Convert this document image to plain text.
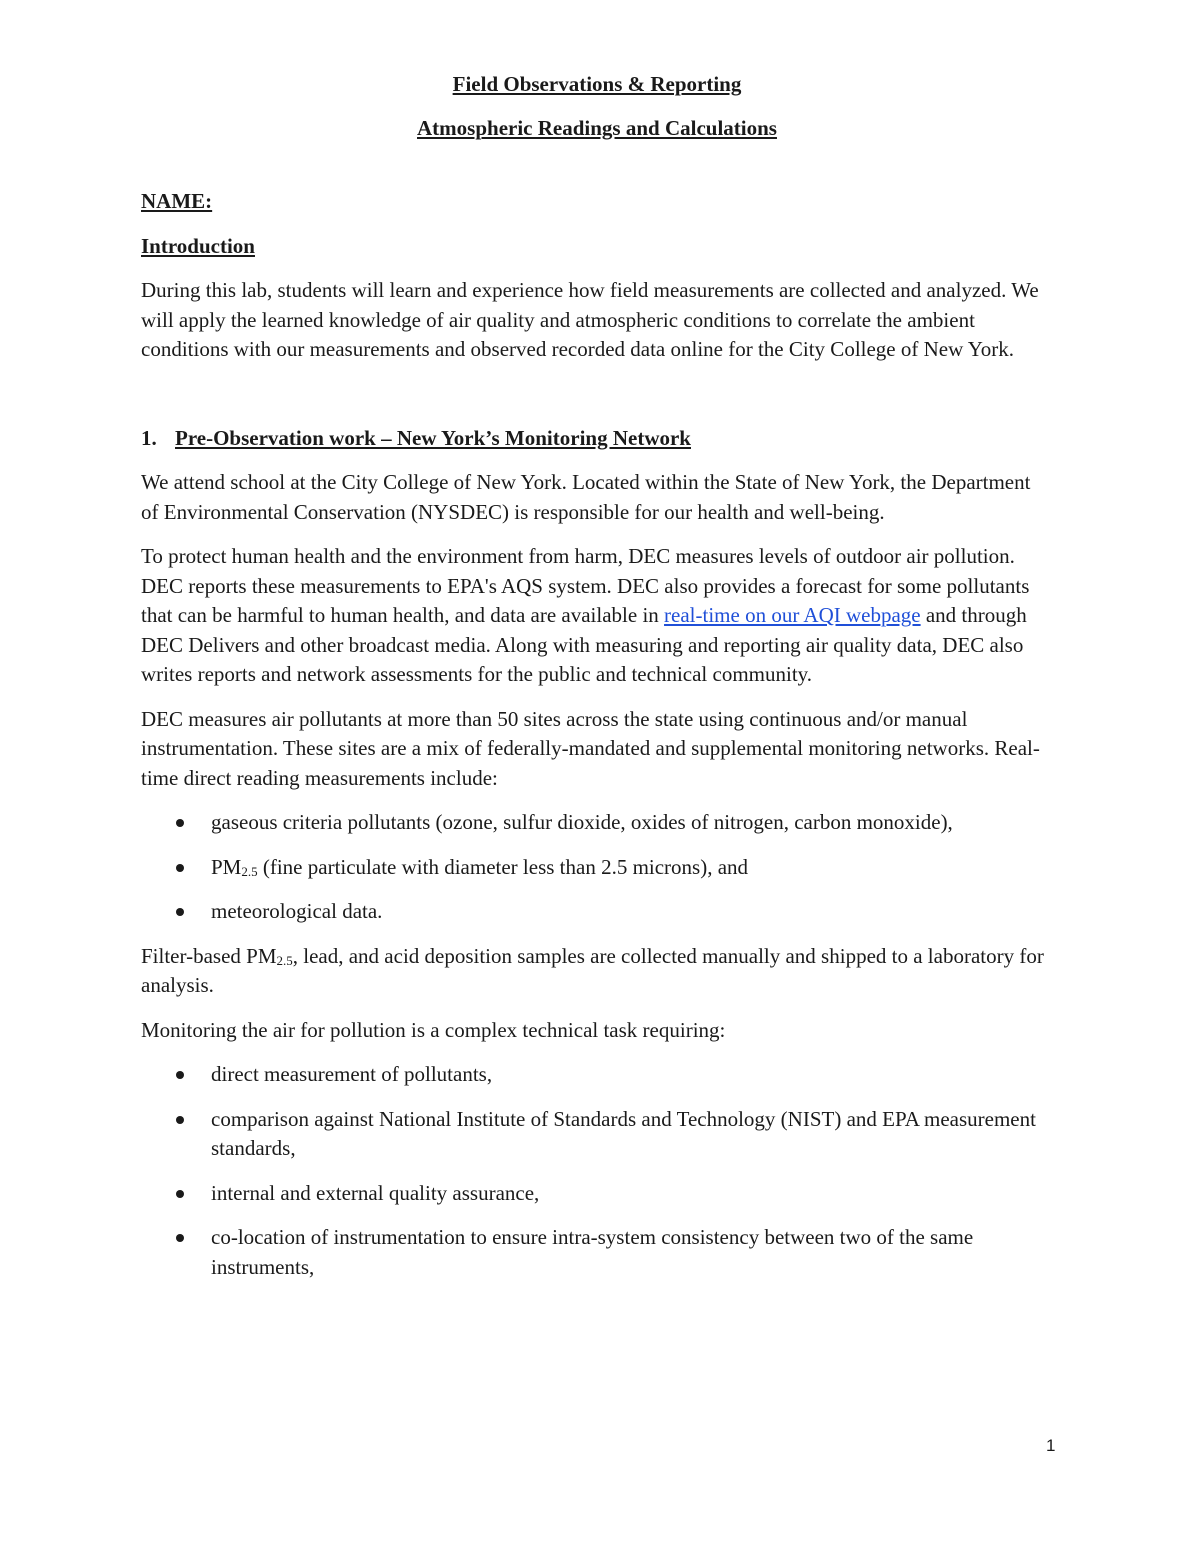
Field Observations & Reporting

Atmospheric Readings and Calculations

NAME:

Introduction

During this lab, students will learn and experience how field measurements are collected and analyzed. We will apply the learned knowledge of air quality and atmospheric conditions to correlate the ambient conditions with our measurements and observed recorded data online for the City College of New York.

1. Pre-Observation work – New York’s Monitoring Network

We attend school at the City College of New York. Located within the State of New York, the Department of Environmental Conservation (NYSDEC) is responsible for our health and well-being.

To protect human health and the environment from harm, DEC measures levels of outdoor air pollution. DEC reports these measurements to EPA's AQS system. DEC also provides a forecast for some pollutants that can be harmful to human health, and data are available in real-time on our AQI webpage and through DEC Delivers and other broadcast media. Along with measuring and reporting air quality data, DEC also writes reports and network assessments for the public and technical community.

DEC measures air pollutants at more than 50 sites across the state using continuous and/or manual instrumentation. These sites are a mix of federally-mandated and supplemental monitoring networks. Real-time direct reading measurements include:

gaseous criteria pollutants (ozone, sulfur dioxide, oxides of nitrogen, carbon monoxide),
$PM_{2.5}$ (fine particulate with diameter less than 2.5 microns), and
meteorological data.

Filter-based $PM_{2.5}$, lead, and acid deposition samples are collected manually and shipped to a laboratory for analysis.

Monitoring the air for pollution is a complex technical task requiring:

direct measurement of pollutants,
comparison against National Institute of Standards and Technology (NIST) and EPA measurement standards,
internal and external quality assurance,
co-location of instrumentation to ensure intra-system consistency between two of the same instruments,
1
